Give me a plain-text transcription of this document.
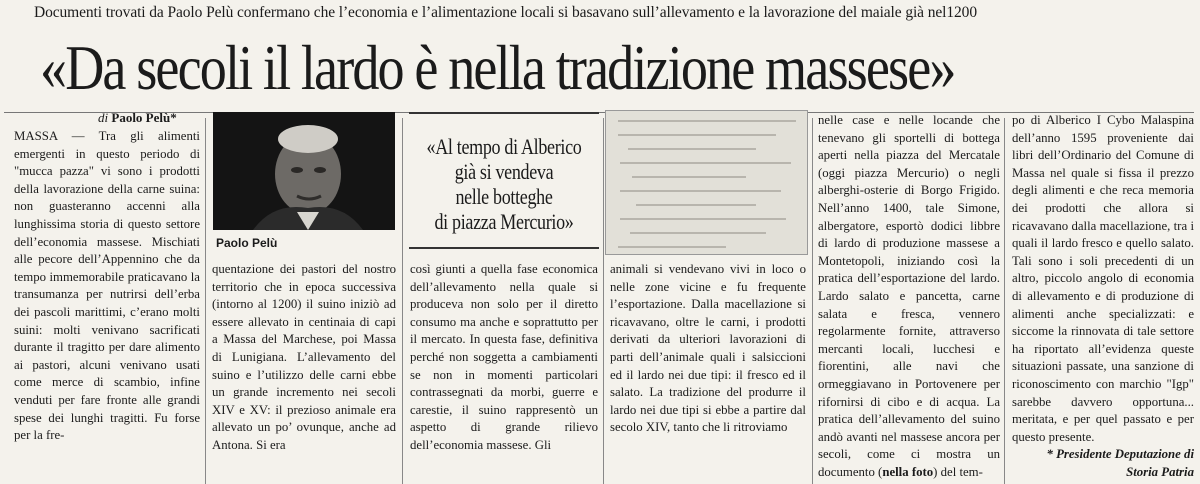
Documenti trovati da Paolo Pelù confermano che l’economia e l’alimentazione locali si basavano sull’allevamento e la lavorazione del maiale già nel1200
«Da secoli il lardo è nella tradizione massese»
di Paolo Pelù*

MASSA — Tra gli alimenti emergenti in questo periodo di "mucca pazza" vi sono i prodotti della lavorazione della carne suina: non guasteranno accenni alla lunghissima storia di questo settore dell’economia massese. Mischiati alle pecore dell’Appennino che da tempo immemorabile praticavano la transumanza per nutrirsi dell’erba dei pascoli marittimi, c’erano molti suini: molti venivano sacrificati durante il tragitto per dare alimento ai pastori, alcuni venivano usati come merce di scambio, infine venduti per fare fronte alle grandi spese dei lunghi tragitti. Fu forse per la fre-

Paolo Pelù
«Al tempo di Alberico
già si vendeva
nelle botteghe
di piazza Mercurio»

quentazione dei pastori del nostro territorio che in epoca successiva (intorno al 1200) il suino iniziò ad essere allevato in centinaia di capi a Massa del Marchese, poi Massa di Lunigiana. L’allevamento del suino e l’utilizzo delle carni ebbe un grande incremento nei secoli XIV e XV: il prezioso animale era allevato un po’ ovunque, anche ad Antona. Si era

così giunti a quella fase economica dell’allevamento nella quale si produceva non solo per il diretto consumo ma anche e soprattutto per il mercato. In questa fase, definitiva perché non soggetta a cambiamenti se non in momenti particolari contrassegnati da morbi, guerre e carestie, il suino rappresentò un aspetto di grande rilievo dell’economia massese. Gli

animali si vendevano vivi in loco o nelle zone vicine e fu frequente l’esportazione. Dalla macellazione si ricavavano, oltre le carni, i prodotti derivati da ulteriori lavorazioni di parti dell’animale quali i salsiccioni ed il lardo nei due tipi: il fresco ed il salato. La tradizione del produrre il lardo nei due tipi si ebbe a partire dal secolo XIV, tanto che li ritroviamo

nelle case e nelle locande che tenevano gli sportelli di bottega aperti nella piazza del Mercatale (oggi piazza Mercurio) o negli alberghi-osterie di Borgo Frigido. Nell’anno 1400, tale Simone, albergatore, esportò dodici libbre di lardo di produzione massese a Montetopoli, iniziando così la pratica dell’esportazione del lardo. Lardo salato e pancetta, carne salata e fresca, vennero regolarmente fornite, attraverso mercanti locali, lucchesi e fiorentini, alle navi che ormeggiavano in Portovenere per rifornirsi di cibo e di acqua. La pratica dell’allevamento del suino andò avanti nel massese ancora per secoli, come ci mostra un documento (nella foto) del tem-

po di Alberico I Cybo Malaspina dell’anno 1595 proveniente dai libri dell’Ordinario del Comune di Massa nel quale si fissa il prezzo degli alimenti e che reca memoria dei prodotti che allora si ricavavano dalla macellazione, tra i quali il lardo fresco e quello salato. Tali sono i soli precedenti di un altro, piccolo angolo di economia di allevamento e di produzione di alimenti anche specializzati: e siccome la rinnovata di tale settore ha riportato all’evidenza queste situazioni passate, una sanzione di riconoscimento con marchio "Igp" sarebbe davvero opportuna... meritata, e per quel passato e per questo presente.

* Presidente Deputazione di Storia Patria
